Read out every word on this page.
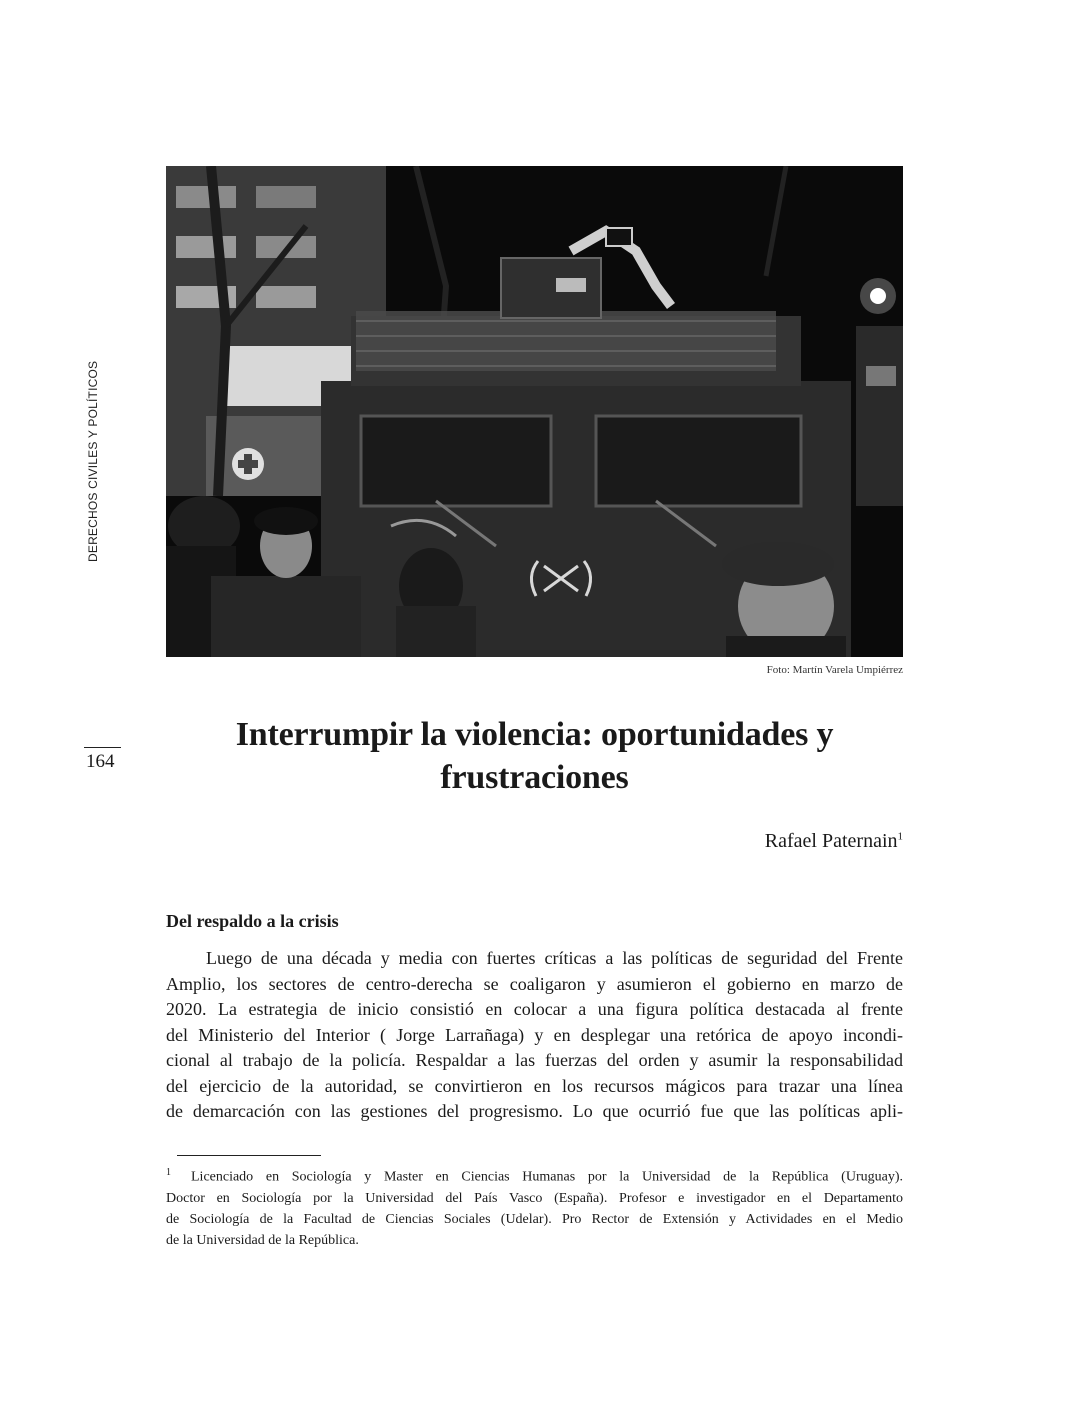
DERECHOS CIVILES Y POLÍTICOS
164
Foto: Martín Varela Umpiérrez
Interrumpir la violencia: oportunidades y
frustraciones
Rafael Paternain$^1$
Del respaldo a la crisis
Luego de una década y media con fuertes críticas a las políticas de seguridad del Frente
Amplio, los sectores de centro-derecha se coaligaron y asumieron el gobierno en marzo de
2020. La estrategia de inicio consistió en colocar a una figura política destacada al frente
del Ministerio del Interior ( Jorge Larrañaga) y en desplegar una retórica de apoyo incondi-
cional al trabajo de la policía. Respaldar a las fuerzas del orden y asumir la responsabilidad
del ejercicio de la autoridad, se convirtieron en los recursos mágicos para trazar una línea
de demarcación con las gestiones del progresismo. Lo que ocurrió fue que las políticas apli-
$^1$ Licenciado en Sociología y Master en Ciencias Humanas por la Universidad de la República (Uruguay).
Doctor en Sociología por la Universidad del País Vasco (España). Profesor e investigador en el Departamento
de Sociología de la Facultad de Ciencias Sociales (Udelar). Pro Rector de Extensión y Actividades en el Medio
de la Universidad de la República.
